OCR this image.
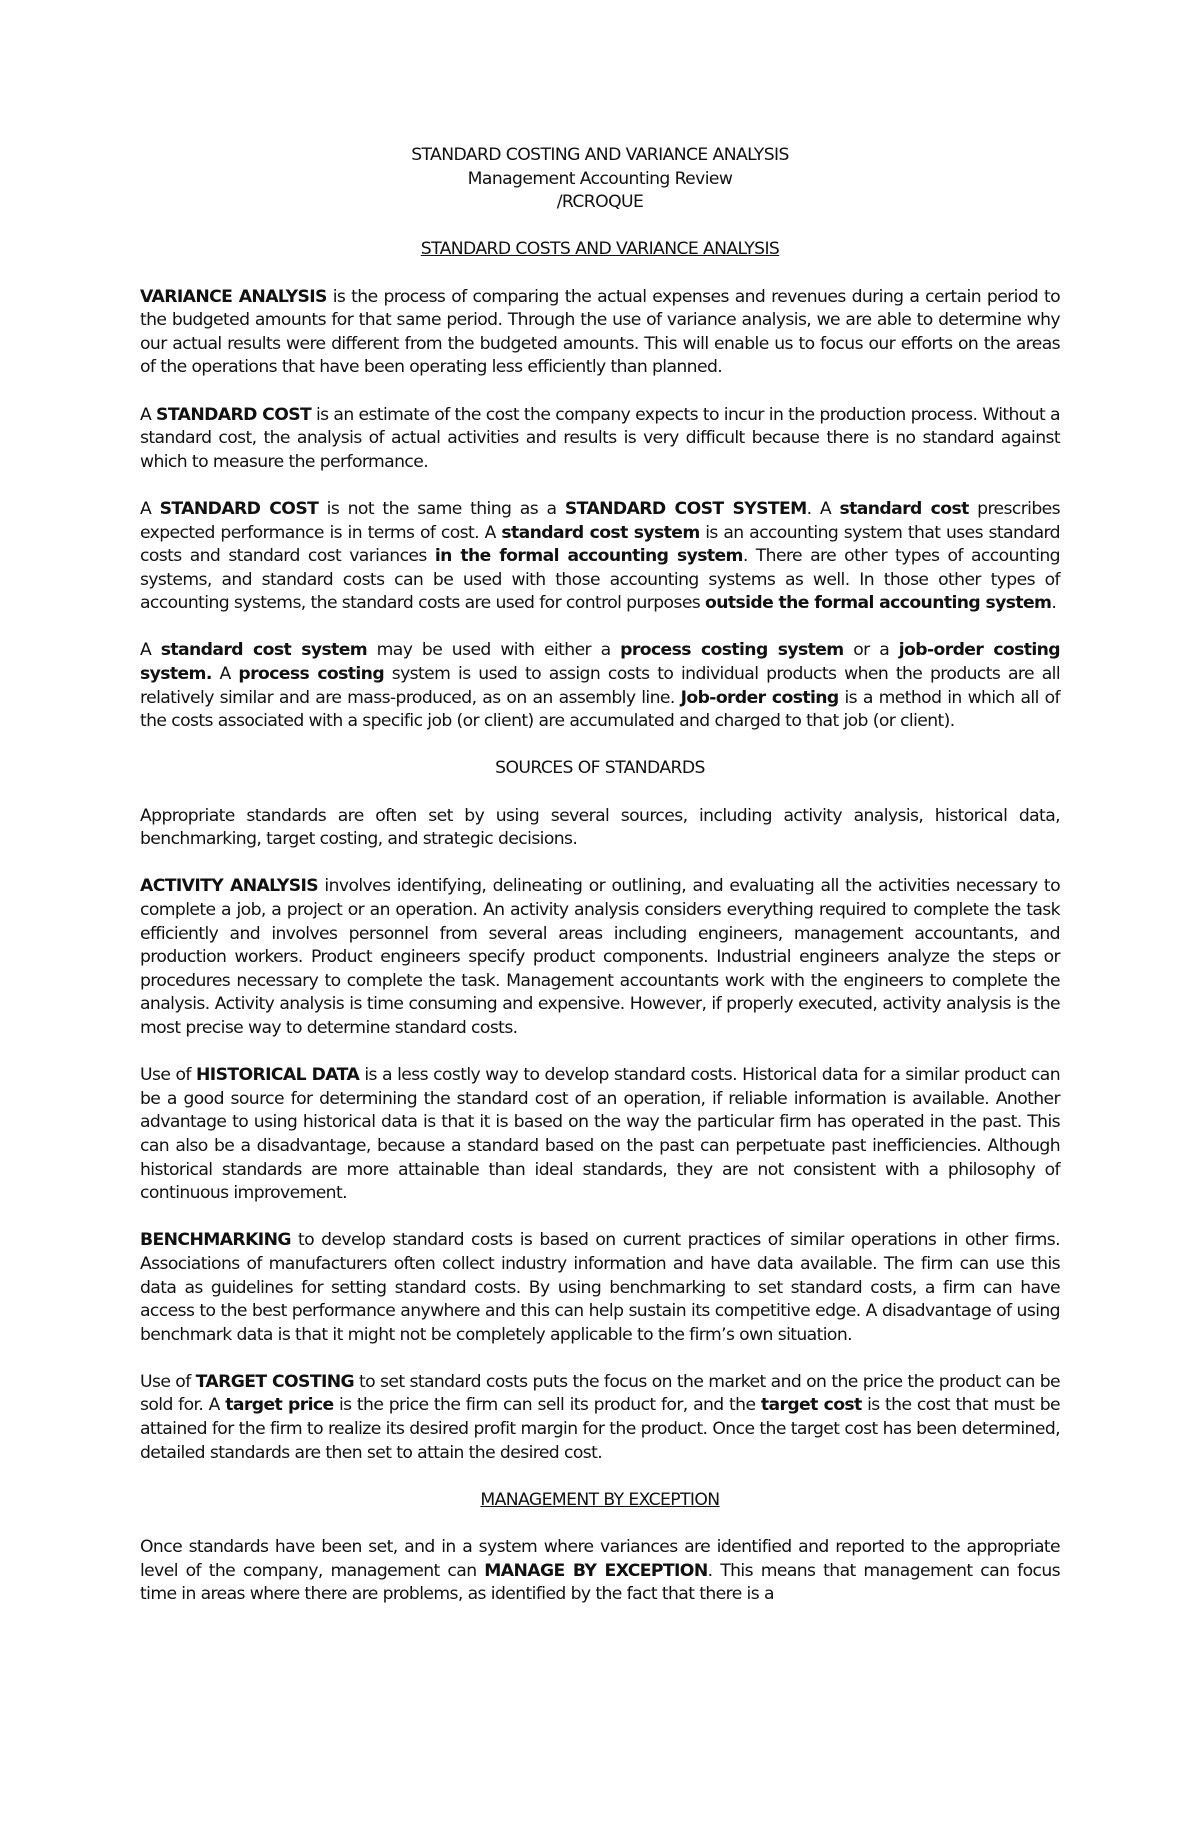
STANDARD COSTING AND VARIANCE ANALYSIS
Management Accounting Review
/RCROQUE
STANDARD COSTS AND VARIANCE ANALYSIS

VARIANCE ANALYSIS is the process of comparing the actual expenses and revenues during a certain period to the budgeted amounts for that same period. Through the use of variance analysis, we are able to determine why our actual results were different from the budgeted amounts. This will enable us to focus our efforts on the areas of the operations that have been operating less efficiently than planned.

A STANDARD COST is an estimate of the cost the company expects to incur in the production process. Without a standard cost, the analysis of actual activities and results is very difficult because there is no standard against which to measure the performance.

A STANDARD COST is not the same thing as a STANDARD COST SYSTEM. A standard cost prescribes expected performance is in terms of cost. A standard cost system is an accounting system that uses standard costs and standard cost variances in the formal accounting system. There are other types of accounting systems, and standard costs can be used with those accounting systems as well. In those other types of accounting systems, the standard costs are used for control purposes outside the formal accounting system.

A standard cost system may be used with either a process costing system or a job-order costing system. A process costing system is used to assign costs to individual products when the products are all relatively similar and are mass-produced, as on an assembly line. Job-order costing is a method in which all of the costs associated with a specific job (or client) are accumulated and charged to that job (or client).

SOURCES OF STANDARDS

Appropriate standards are often set by using several sources, including activity analysis, historical data, benchmarking, target costing, and strategic decisions.

ACTIVITY ANALYSIS involves identifying, delineating or outlining, and evaluating all the activities necessary to complete a job, a project or an operation. An activity analysis considers everything required to complete the task efficiently and involves personnel from several areas including engineers, management accountants, and production workers. Product engineers specify product components. Industrial engineers analyze the steps or procedures necessary to complete the task. Management accountants work with the engineers to complete the analysis. Activity analysis is time consuming and expensive. However, if properly executed, activity analysis is the most precise way to determine standard costs.

Use of HISTORICAL DATA is a less costly way to develop standard costs. Historical data for a similar product can be a good source for determining the standard cost of an operation, if reliable information is available. Another advantage to using historical data is that it is based on the way the particular firm has operated in the past. This can also be a disadvantage, because a standard based on the past can perpetuate past inefficiencies. Although historical standards are more attainable than ideal standards, they are not consistent with a philosophy of continuous improvement.

BENCHMARKING to develop standard costs is based on current practices of similar operations in other firms. Associations of manufacturers often collect industry information and have data available. The firm can use this data as guidelines for setting standard costs. By using benchmarking to set standard costs, a firm can have access to the best performance anywhere and this can help sustain its competitive edge. A disadvantage of using benchmark data is that it might not be completely applicable to the firm’s own situation.

Use of TARGET COSTING to set standard costs puts the focus on the market and on the price the product can be sold for. A target price is the price the firm can sell its product for, and the target cost is the cost that must be attained for the firm to realize its desired profit margin for the product. Once the target cost has been determined, detailed standards are then set to attain the desired cost.

MANAGEMENT BY EXCEPTION

Once standards have been set, and in a system where variances are identified and reported to the appropriate level of the company, management can MANAGE BY EXCEPTION. This means that management can focus time in areas where there are problems, as identified by the fact that there is a
